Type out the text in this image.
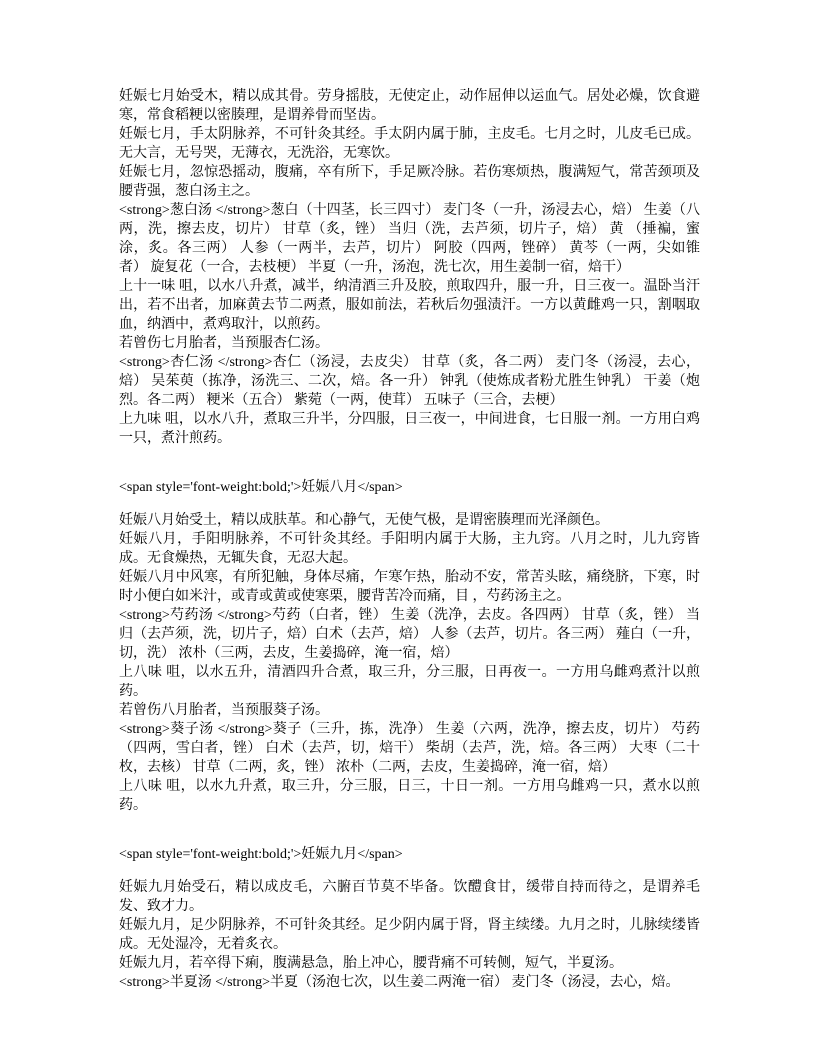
妊娠七月始受木，精以成其骨。劳身摇肢，无使定止，动作屈伸以运血气。居处必燥，饮食避寒，常食稻粳以密腠理，是谓养骨而坚齿。

妊娠七月，手太阴脉养，不可针灸其经。手太阴内属于肺，主皮毛。七月之时，儿皮毛已成。无大言，无号哭，无薄衣，无洗浴，无寒饮。

妊娠七月，忽惊恐摇动，腹痛，卒有所下，手足厥冷脉。若伤寒烦热，腹满短气，常苦颈项及腰背强，葱白汤主之。

<strong>葱白汤 </strong>葱白（十四茎，长三四寸） 麦门冬（一升，汤浸去心，焙） 生姜（八两，洗，擦去皮，切片） 甘草（炙，锉） 当归（洗，去芦须，切片子，焙） 黄 （捶褊，蜜涂，炙。各三两） 人参（一两半，去芦，切片） 阿胶（四两，锉碎） 黄芩（一两，尖如锥者） 旋复花（一合，去枝梗） 半夏（一升，汤泡，洗七次，用生姜制一宿，焙干）

上十一味 咀，以水八升煮，减半，纳清酒三升及胶，煎取四升，服一升，日三夜一。温卧当汗出，若不出者，加麻黄去节二两煮，服如前法，若秋后勿强渍汗。一方以黄雌鸡一只，割咽取血，纳酒中，煮鸡取汁，以煎药。

若曾伤七月胎者，当预服杏仁汤。

<strong>杏仁汤 </strong>杏仁（汤浸，去皮尖） 甘草（炙，各二两） 麦门冬（汤浸，去心，焙） 吴茱萸（拣净，汤洗三、二次，焙。各一升） 钟乳（使炼成者粉尤胜生钟乳） 干姜（炮烈。各二两） 粳米（五合） 紫菀（一两，使茸） 五味子（三合，去梗）

上九味 咀，以水八升，煮取三升半，分四服，日三夜一，中间进食，七日服一剂。一方用白鸡一只，煮汁煎药。

<span style='font-weight:bold;'>妊娠八月</span>

妊娠八月始受土，精以成肤革。和心静气，无使气极，是谓密腠理而光泽颜色。

妊娠八月，手阳明脉养，不可针灸其经。手阳明内属于大肠，主九窍。八月之时，儿九窍皆成。无食燥热，无辄失食，无忍大起。

妊娠八月中风寒，有所犯触，身体尽痛，乍寒乍热，胎动不安，常苦头眩，痛绕脐，下寒，时时小便白如米汁，或青或黄或使寒栗，腰背苦冷而痛，目 ，芍药汤主之。

<strong>芍药汤 </strong>芍药（白者，锉） 生姜（洗净，去皮。各四两） 甘草（炙，锉） 当归（去芦须，洗，切片子，焙）白术（去芦，焙） 人参（去芦，切片。各三两） 薤白（一升，切，洗） 浓朴（三两，去皮，生姜捣碎，淹一宿，焙）

上八味 咀，以水五升，清酒四升合煮，取三升，分三服，日再夜一。一方用乌雌鸡煮汁以煎药。

若曾伤八月胎者，当预服葵子汤。

<strong>葵子汤 </strong>葵子（三升，拣，洗净） 生姜（六两，洗净，擦去皮，切片） 芍药（四两，雪白者，锉） 白术（去芦，切，焙干） 柴胡（去芦，洗，焙。各三两） 大枣（二十枚，去核） 甘草（二两，炙，锉） 浓朴（二两，去皮，生姜捣碎，淹一宿，焙）

上八味 咀，以水九升煮，取三升，分三服，日三，十日一剂。一方用乌雌鸡一只，煮水以煎药。

<span style='font-weight:bold;'>妊娠九月</span>

妊娠九月始受石，精以成皮毛，六腑百节莫不毕备。饮醴食甘，缓带自持而待之，是谓养毛发、致才力。

妊娠九月，足少阴脉养，不可针灸其经。足少阴内属于肾，肾主续缕。九月之时，儿脉续缕皆成。无处湿冷，无着炙衣。

妊娠九月，若卒得下痢，腹满悬急，胎上冲心，腰背痛不可转侧，短气，半夏汤。

<strong>半夏汤 </strong>半夏（汤泡七次，以生姜二两淹一宿） 麦门冬（汤浸，去心，焙。
